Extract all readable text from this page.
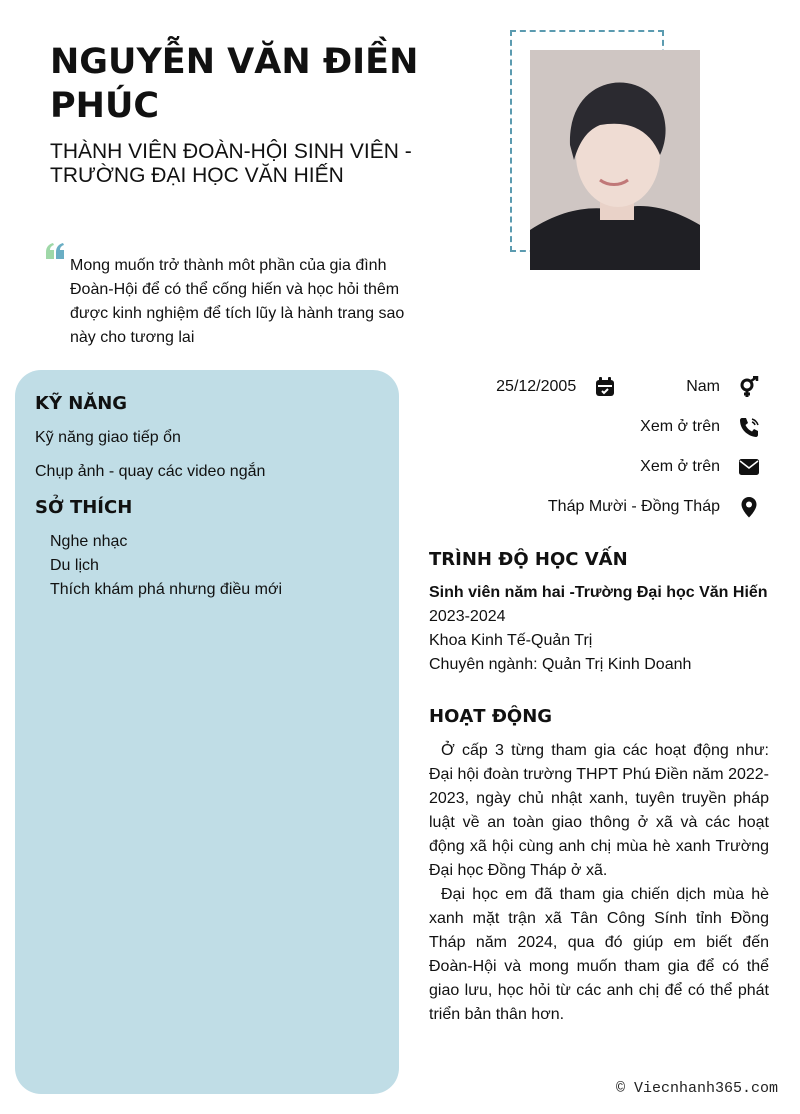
NGUYỄN VĂN ĐIỀN PHÚC
THÀNH VIÊN ĐOÀN-HỘI SINH VIÊN - TRƯỜNG ĐẠI HỌC VĂN HIẾN
Mong muốn trở thành môt phần của gia đình Đoàn-Hội để có thể cống hiến và học hỏi thêm được kinh nghiệm để tích lũy là hành trang sao này cho tương lai
KỸ NĂNG
Kỹ năng giao tiếp ổn
Chụp ảnh - quay các video ngắn
SỞ THÍCH
Nghe nhạc
Du lịch
Thích khám phá nhưng điều mới
25/12/2005	Nam
Xem ở trên
Xem ở trên
Tháp Mười - Đồng Tháp
TRÌNH ĐỘ HỌC VẤN
Sinh viên năm hai -Trường Đại học Văn Hiến
2023-2024
Khoa Kinh Tế-Quản Trị
Chuyên ngành: Quản Trị Kinh Doanh
HOẠT ĐỘNG

Ở cấp 3 từng tham gia các hoạt động như: Đại hội đoàn trường THPT Phú Điền năm 2022-2023, ngày chủ nhật xanh, tuyên truyền pháp luật về an toàn giao thông ở xã và các hoạt động xã hội cùng anh chị mùa hè xanh Trường Đại học Đồng Tháp ở xã.

Đại học em đã tham gia chiến dịch mùa hè xanh mặt trận xã Tân Công Sính tỉnh Đồng Tháp năm 2024, qua đó giúp em biết đến Đoàn-Hội và mong muốn tham gia để có thể giao lưu, học hỏi từ các anh chị để có thể phát triển bản thân hơn.

© Viecnhanh365.com
